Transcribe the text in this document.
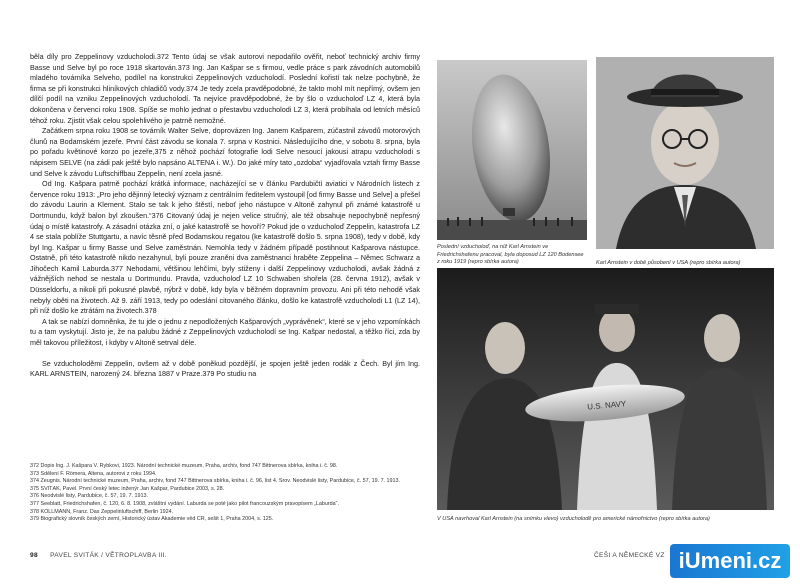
bêla díly pro Zeppelinovy vzducholodi.372 Tento údaj se však autorovi nepodařilo ověřit, neboť technický archiv firmy Basse und Selve byl po roce 1918 skartován.373 Ing. Jan Kašpar se s firmou, vedle práce s park závodních automobilů mladého továrníka Selveho, podílel na konstrukci Zeppelinových vzducholodí. Poslední kořistí tak nelze pochybně, že firma se při konstrukci hliníkových chladičů vody.374 Je tedy zcela pravděpodobné, že takto mohl mít nepřímý, ovšem jen dílčí podíl na vzniku Zeppelinových vzducholodí. Ta nejvíce pravděpodobné, že by šlo o vzducholoď LZ 4, která byla dokončena v červenci roku 1908. Spíše se mohlo jednat o přestavbu vzducholodi LZ 3, která probíhala od letních měsíců téhož roku. Zjistit však celou spolehlivého je patrně nemožné.

Začátkem srpna roku 1908 se továrník Walter Selve, doprovázen Ing. Janem Kašparem, zúčastnil závodů motorových člunů na Bodamském jezeře. První část závodu se konala 7. srpna v Kostnici. Následujícího dne, v sobotu 8. srpna, byla po pořadu květinové korzo po jezeře,375 z něhož pochází fotografie lodi Selve nesoucí jakousi atrapu vzducholodi s nápisem SELVE (na zádi pak ještě bylo napsáno ALTENA i. W.). Do jaké míry tato „ozdoba“ vyjadřovala vztah firmy Basse und Selve k závodu Luftschiffbau Zeppelin, není zcela jasné.

Od Ing. Kašpara patrně pochází krátká informace, nacházející se v článku Pardubičtí aviatici v Národních listech z července roku 1913: „Pro jeho dějinný letecký význam z centrálním ředitelem vystoupil [od firmy Basse und Selve] a přešel do závodu Laurin a Klement. Stalo se tak k jeho štěstí, neboť jeho nástupce v Altoně zahynul při známé katastrofě u Dortmundu, když balon byl zkoušen.“376 Citovaný údaj je nejen velice stručný, ale též obsahuje nepochybně nepřesný údaj o místě katastrofy. A zásadní otázka zní, o jaké katastrofě se hovoří? Pokud jde o vzducholoď Zeppelin, katastrofa LZ 4 se stala poblíže Stuttgartu, a navíc těsně před Bodamskou regatou (ke katastrofě došlo 5. srpna 1908), tedy v době, kdy byl Ing. Kašpar u firmy Basse und Selve zaměstnán. Nemohla tedy v žádném případě postihnout Kašparova nástupce. Ostatně, při této katastrofě nikdo nezahynul, byli pouze zraněni dva zaměstnanci hraběte Zeppelina – Němec Schwarz a Jihočech Kamil Laburda.377 Nehodami, většinou lehčími, byly stiženy i další Zeppelinovy vzducholodi, avšak žádná z vážnějších nehod se nestala u Dortmundu. Pravda, vzducholoď LZ 10 Schwaben shořela (28. června 1912), avšak v Düsseldorfu, a nikoli při pokusné plavbě, nýbrž v době, kdy byla v běžném dopravním provozu. Ani při této nehodě však nebyly oběti na životech. Až 9. září 1913, tedy po odeslání citovaného článku, došlo ke katastrofě vzducholodi L1 (LZ 14), při níž došlo ke ztrátám na životech.378

A tak se nabízí domněnka, že tu jde o jednu z nepodložených Kašparových „vyprávěnek“, které se v jeho vzpomínkách tu a tam vyskytují. Jisto je, že na palubu žádné z Zeppelinových vzducholodí se Ing. Kašpar nedostal, a těžko říci, zda by měl takovou příležitost, i kdyby v Altoně setrval déle.

Se vzducholoděmi Zeppelin, ovšem až v době poněkud pozdější, je spojen ještě jeden rodák z Čech. Byl jím Ing. KARL ARNSTEIN, narozený 24. března 1887 v Praze.379 Po studiu na

372 Dopis Ing. J. Kašpara V. Rybkovi, 1923. Národní technické muzeum, Praha, archiv, fond 747 Bittnerova sbírka, kniha i. č. 98.
373 Sdělení F. Römera, Altena, autorovi z roku 1994.
374 Zeugnis. Národní technické muzeum, Praha, archiv, fond 747 Bittnerova sbírka, kniha i. č. 96, list 4. Srov. Neodvislé listy, Pardubice, č. 57, 19. 7. 1913.
375 SVITÁK, Pavel. První český letec inženýr Jan Kašpar, Pardubice 2003, s. 28.
376 Neodvislé listy, Pardubice, č. 57, 19. 7. 1913.
377 Seeblatt, Friedrichshafen, č. 120, 6. 8. 1908, zvláštní vydání. Laburda se poté jako pilot francouzským pravopisem „Laburda“.
378 KOLLMANN, Franz. Das Zeppelinluftschiff, Berlin 1924.
379 Biografický slovník českých zemí, Historický ústav Akademie věd ČR, sešit 1, Praha 2004, s. 125.
98 PAVEL SVITÁK / VĚTROPLAVBA III.	ČEŠI A NĚMECKÉ VZ
Poslední vzducholoď, na níž Karl Arnstein ve Friedrichshafenu pracoval, byla doposud LZ 120 Bodensee z roku 1919 (repro sbírka autora)	Karl Arnstein v době působení v USA (repro sbírka autora)
U.S. NAVY
V USA navrhoval Karl Arnstein (na snímku vlevo) vzducholodě pro americké námořnictvo (repro sbírka autora)
iUmeni.cz
